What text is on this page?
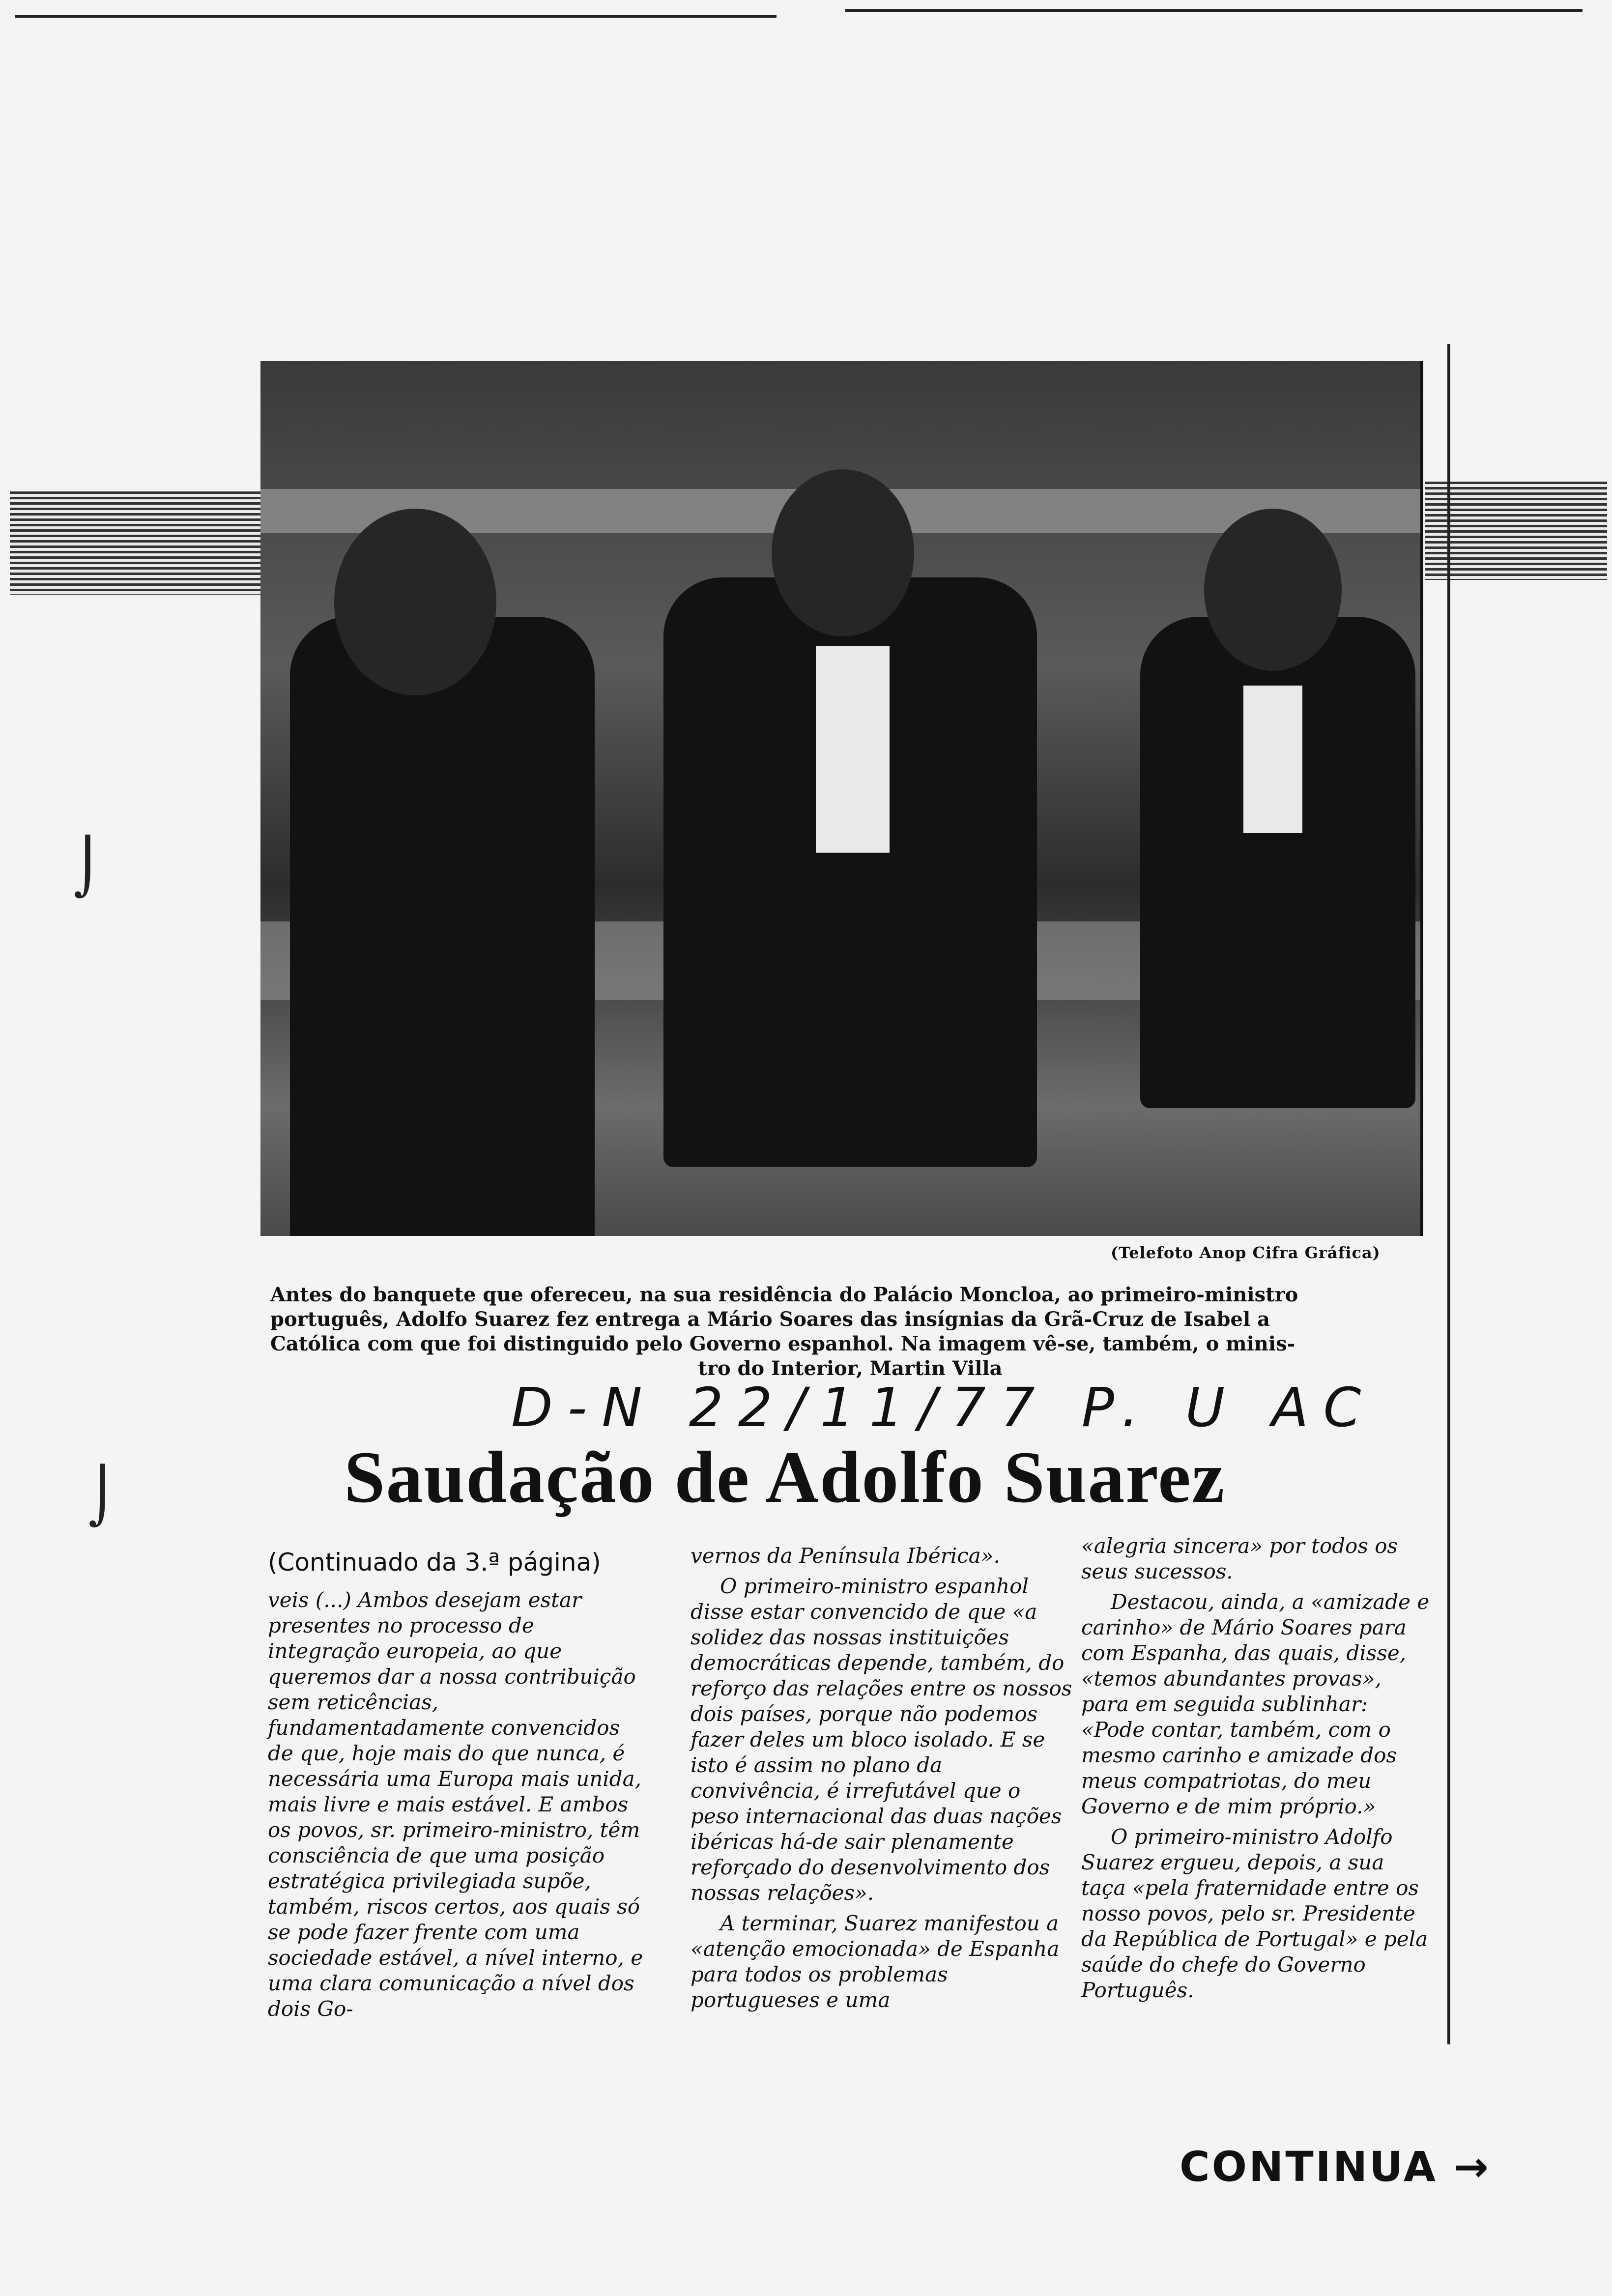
(Telefoto Anop Cifra Gráfica)
Antes do banquete que ofereceu, na sua residência do Palácio Moncloa, ao primeiro-ministro
português, Adolfo Suarez fez entrega a Mário Soares das insígnias da Grã-Cruz de Isabel a
Católica com que foi distinguido pelo Governo espanhol. Na imagem vê-se, também, o minis-
tro do Interior, Martin Villa
D-N 22/11/77 P. U AC
Saudação de Adolfo Suarez
(Continuado da 3.ª página)

veis (...) Ambos desejam estar presentes no processo de integração europeia, ao que queremos dar a nossa contribuição sem reticências, fundamentadamente convencidos de que, hoje mais do que nunca, é necessária uma Europa mais unida, mais livre e mais estável. E ambos os povos, sr. primeiro-ministro, têm consciência de que uma posição estratégica privilegiada supõe, também, riscos certos, aos quais só se pode fazer frente com uma sociedade estável, a nível interno, e uma clara comunicação a nível dos dois Go-

vernos da Península Ibérica».

O primeiro-ministro espanhol disse estar convencido de que «a solidez das nossas instituições democráticas depende, também, do reforço das relações entre os nossos dois países, porque não podemos fazer deles um bloco isolado. E se isto é assim no plano da convivência, é irrefutável que o peso internacional das duas nações ibéricas há-de sair plenamente reforçado do desenvolvimento dos nossas relações».

A terminar, Suarez manifestou a «atenção emocionada» de Espanha para todos os problemas portugueses e uma

«alegria sincera» por todos os seus sucessos.

Destacou, ainda, a «amizade e carinho» de Mário Soares para com Espanha, das quais, disse, «temos abundantes provas», para em seguida sublinhar: «Pode contar, também, com o mesmo carinho e amizade dos meus compatriotas, do meu Governo e de mim próprio.»

O primeiro-ministro Adolfo Suarez ergueu, depois, a sua taça «pela fraternidade entre os nosso povos, pelo sr. Presidente da República de Portugal» e pela saúde do chefe do Governo Português.

⌡
⌡
CONTINUA →
